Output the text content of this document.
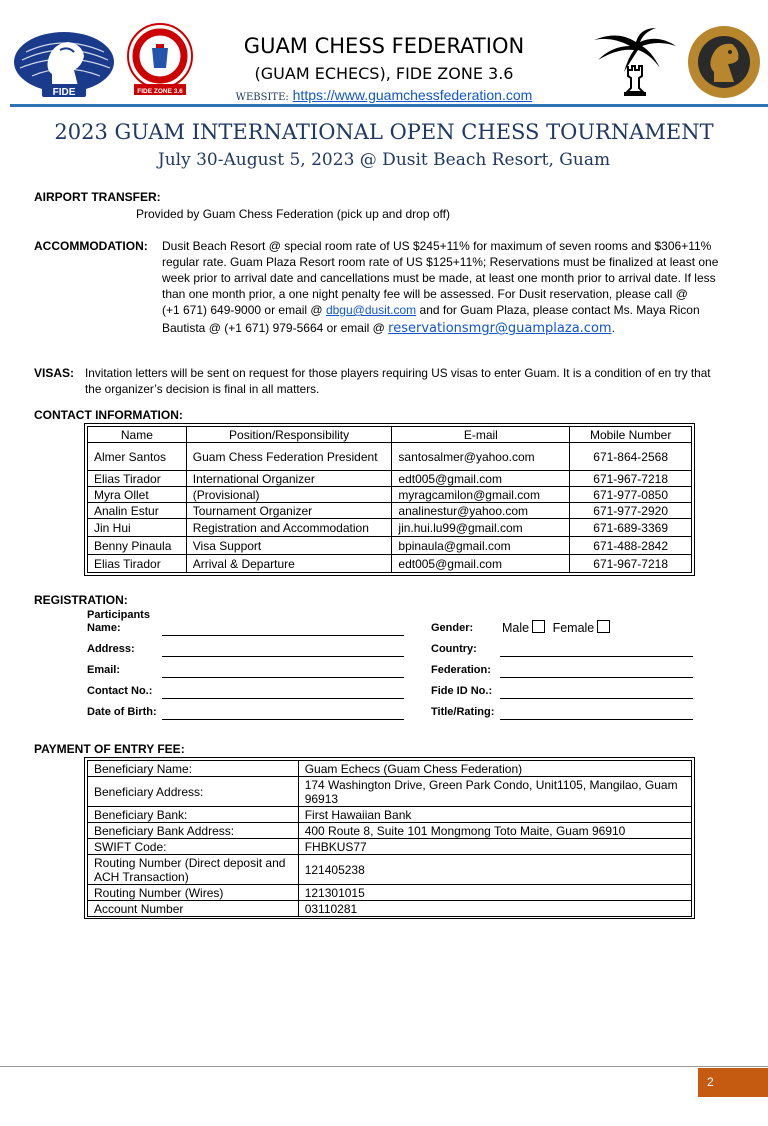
FIDE	FIDE ZONE 3.6
GUAM CHESS FEDERATION
(GUAM ECHECS), FIDE ZONE 3.6
WEBSITE: https://www.guamchessfederation.com
2023 GUAM INTERNATIONAL OPEN CHESS TOURNAMENT
July 30-August 5, 2023 @ Dusit Beach Resort, Guam
AIRPORT TRANSFER:
Provided by Guam Chess Federation (pick up and drop off)
ACCOMMODATION: Dusit Beach Resort @ special room rate of US $245+11% for maximum of seven rooms and $306+11%
regular rate. Guam Plaza Resort room rate of US $125+11%; Reservations must be finalized at least one
week prior to arrival date and cancellations must be made, at least one month prior to arrival date. If less
than one month prior, a one night penalty fee will be assessed. For Dusit reservation, please call @
(+1 671) 649-9000 or email @ dbgu@dusit.com and for Guam Plaza, please contact Ms. Maya Ricon
Bautista @ (+1 671) 979-5664 or email @ reservationsmgr@guamplaza.com.
VISAS: Invitation letters will be sent on request for those players requiring US visas to enter Guam. It is a condition of en try that
the organizer’s decision is final in all matters.
CONTACT INFORMATION:
Name	Position/Responsibility	E-mail	Mobile Number
Almer Santos	Guam Chess Federation President	santosalmer@yahoo.com	671-864-2568
Elias Tirador	International Organizer	edt005@gmail.com	671-967-7218
Myra Ollet	(Provisional)	myragcamilon@gmail.com	671-977-0850
Analin Estur	Tournament Organizer	analinestur@yahoo.com	671-977-2920
Jin Hui	Registration and Accommodation	jin.hui.lu99@gmail.com	671-689-3369
Benny Pinaula	Visa Support	bpinaula@gmail.com	671-488-2842
Elias Tirador	Arrival & Departure	edt005@gmail.com	671-967-7218
REGISTRATION:
Participants
Name:
Address:
Email:
Contact No.:
Date of Birth:
Gender: Male Female
Country:
Federation:
Fide ID No.:
Title/Rating:
PAYMENT OF ENTRY FEE:
Beneficiary Name:	Guam Echecs (Guam Chess Federation)
Beneficiary Address:	174 Washington Drive, Green Park Condo, Unit1105, Mangilao, Guam 96913
Beneficiary Bank:	First Hawaiian Bank
Beneficiary Bank Address:	400 Route 8, Suite 101 Mongmong Toto Maite, Guam 96910
SWIFT Code:	FHBKUS77
Routing Number (Direct deposit and ACH Transaction)	121405238
Routing Number (Wires)	121301015
Account Number	03110281
2
